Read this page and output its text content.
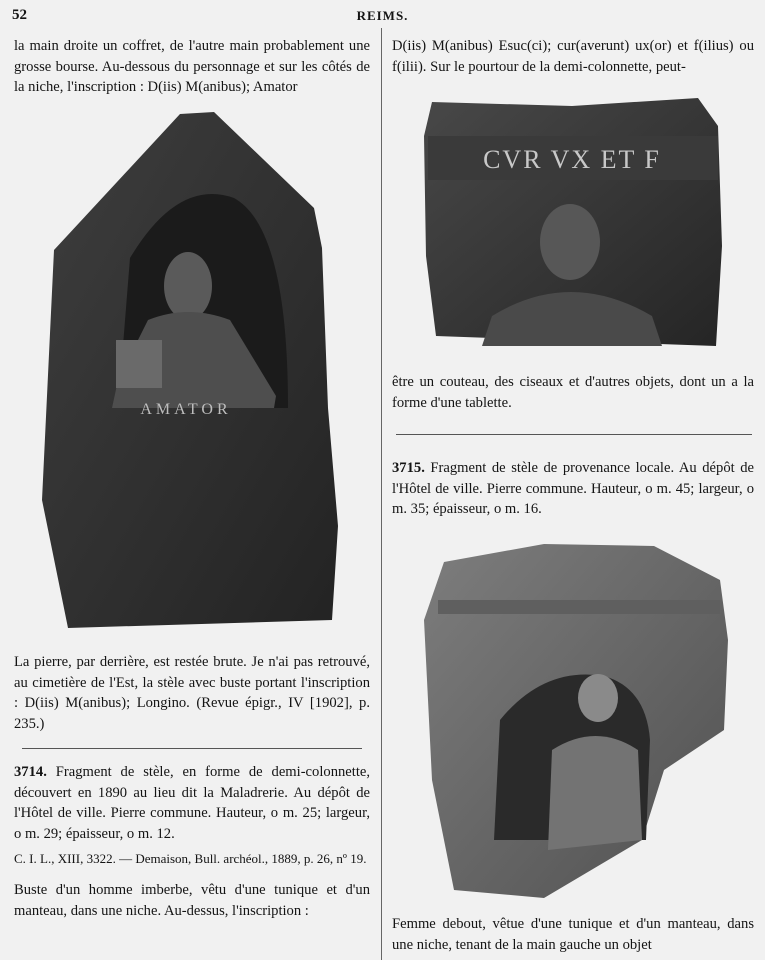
52	REIMS.

la main droite un coffret, de l'autre main probablement une grosse bourse. Au-dessous du personnage et sur les côtés de la niche, l'inscription : D(iis) M(anibus); Amator

AMATOR

La pierre, par derrière, est restée brute. Je n'ai pas retrouvé, au cimetière de l'Est, la stèle avec buste portant l'inscription : D(iis) M(anibus); Longino. (Revue épigr., IV [1902], p. 235.)

3714. Fragment de stèle, en forme de demi-colonnette, découvert en 1890 au lieu dit la Maladrerie. Au dépôt de l'Hôtel de ville. Pierre commune. Hauteur, o m. 25; largeur, o m. 29; épaisseur, o m. 12.

C. I. L., XIII, 3322. — Demaison, Bull. archéol., 1889, p. 26, nº 19.

Buste d'un homme imberbe, vêtu d'une tunique et d'un manteau, dans une niche. Au-dessus, l'inscription :

D(iis) M(anibus) Esuc(ci); cur(averunt) ux(or) et f(ilius) ou f(ilii). Sur le pourtour de la demi-colonnette, peut-

CVR VX ET F

être un couteau, des ciseaux et d'autres objets, dont un a la forme d'une tablette.

3715. Fragment de stèle de provenance locale. Au dépôt de l'Hôtel de ville. Pierre commune. Hauteur, o m. 45; largeur, o m. 35; épaisseur, o m. 16.

Femme debout, vêtue d'une tunique et d'un manteau, dans une niche, tenant de la main gauche un objet
